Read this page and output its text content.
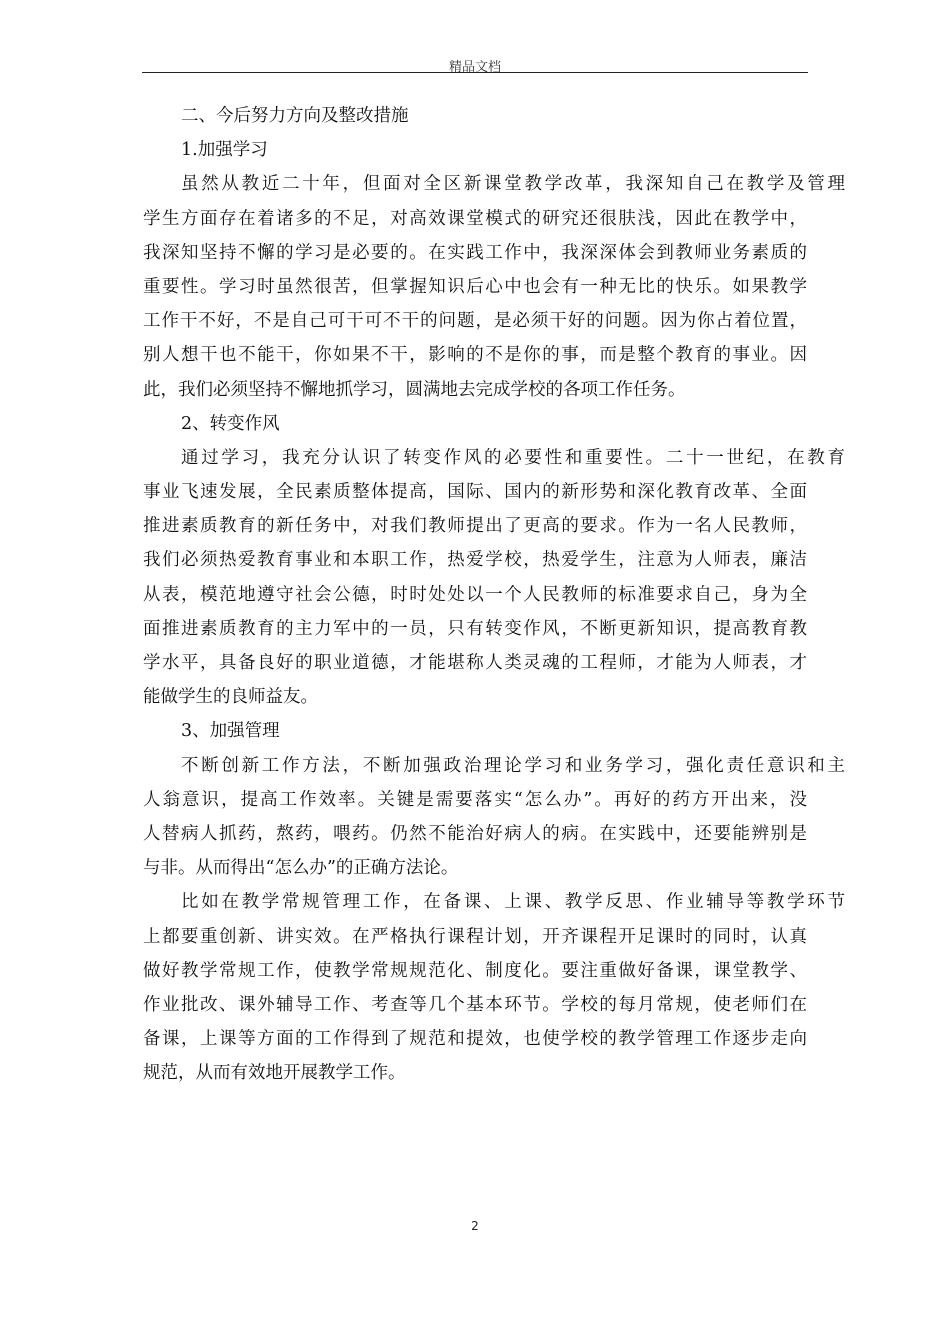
精品文档
二、今后努力方向及整改措施
1.加强学习
虽然从教近二十年，但面对全区新课堂教学改革，我深知自己在教学及管理
学生方面存在着诸多的不足，对高效课堂模式的研究还很肤浅，因此在教学中，
我深知坚持不懈的学习是必要的。在实践工作中，我深深体会到教师业务素质的
重要性。学习时虽然很苦，但掌握知识后心中也会有一种无比的快乐。如果教学
工作干不好，不是自己可干可不干的问题，是必须干好的问题。因为你占着位置，
别人想干也不能干，你如果不干，影响的不是你的事，而是整个教育的事业。因
此，我们必须坚持不懈地抓学习，圆满地去完成学校的各项工作任务。
2、转变作风
通过学习，我充分认识了转变作风的必要性和重要性。二十一世纪，在教育
事业飞速发展，全民素质整体提高，国际、国内的新形势和深化教育改革、全面
推进素质教育的新任务中，对我们教师提出了更高的要求。作为一名人民教师，
我们必须热爱教育事业和本职工作，热爱学校，热爱学生，注意为人师表，廉洁
从表，模范地遵守社会公德，时时处处以一个人民教师的标准要求自己，身为全
面推进素质教育的主力军中的一员，只有转变作风，不断更新知识，提高教育教
学水平，具备良好的职业道德，才能堪称人类灵魂的工程师，才能为人师表，才
能做学生的良师益友。
3、加强管理
不断创新工作方法，不断加强政治理论学习和业务学习，强化责任意识和主
人翁意识，提高工作效率。关键是需要落实“怎么办”。再好的药方开出来，没
人替病人抓药，熬药，喂药。仍然不能治好病人的病。在实践中，还要能辨别是
与非。从而得出“怎么办”的正确方法论。
比如在教学常规管理工作，在备课、上课、教学反思、作业辅导等教学环节
上都要重创新、讲实效。在严格执行课程计划，开齐课程开足课时的同时，认真
做好教学常规工作，使教学常规规范化、制度化。要注重做好备课，课堂教学、
作业批改、课外辅导工作、考查等几个基本环节。学校的每月常规，使老师们在
备课，上课等方面的工作得到了规范和提效，也使学校的教学管理工作逐步走向
规范，从而有效地开展教学工作。
2
